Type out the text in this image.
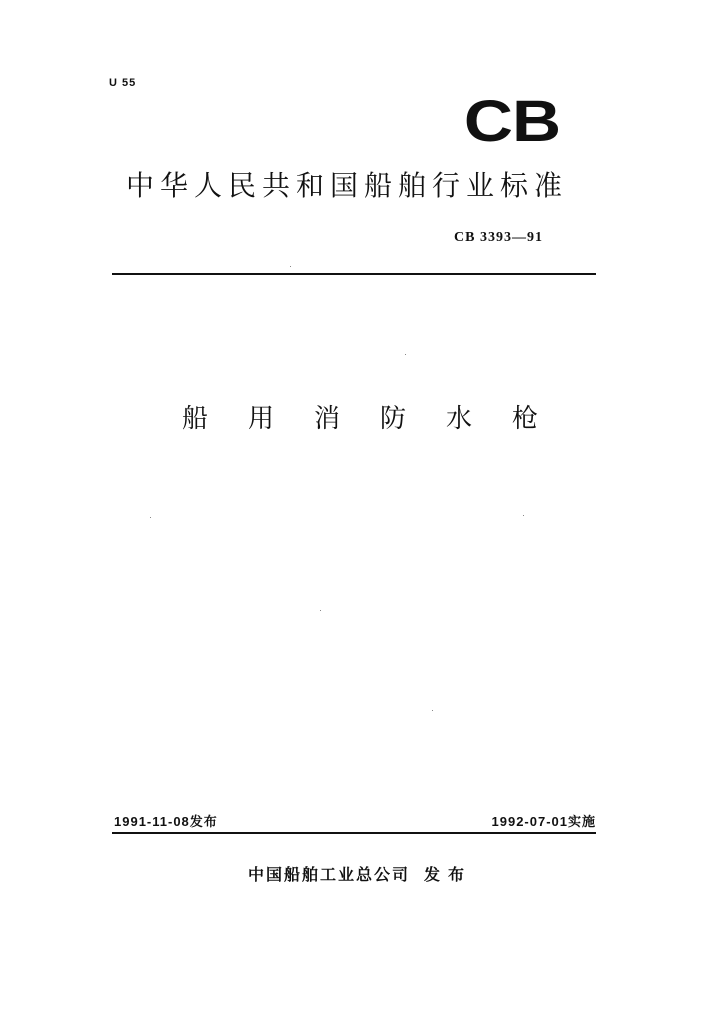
U 55
CB
中华人民共和国船舶行业标准
CB 3393—91
船用消防水枪
1991-11-08发布	1992-07-01实施
中国船舶工业总公司 发布
